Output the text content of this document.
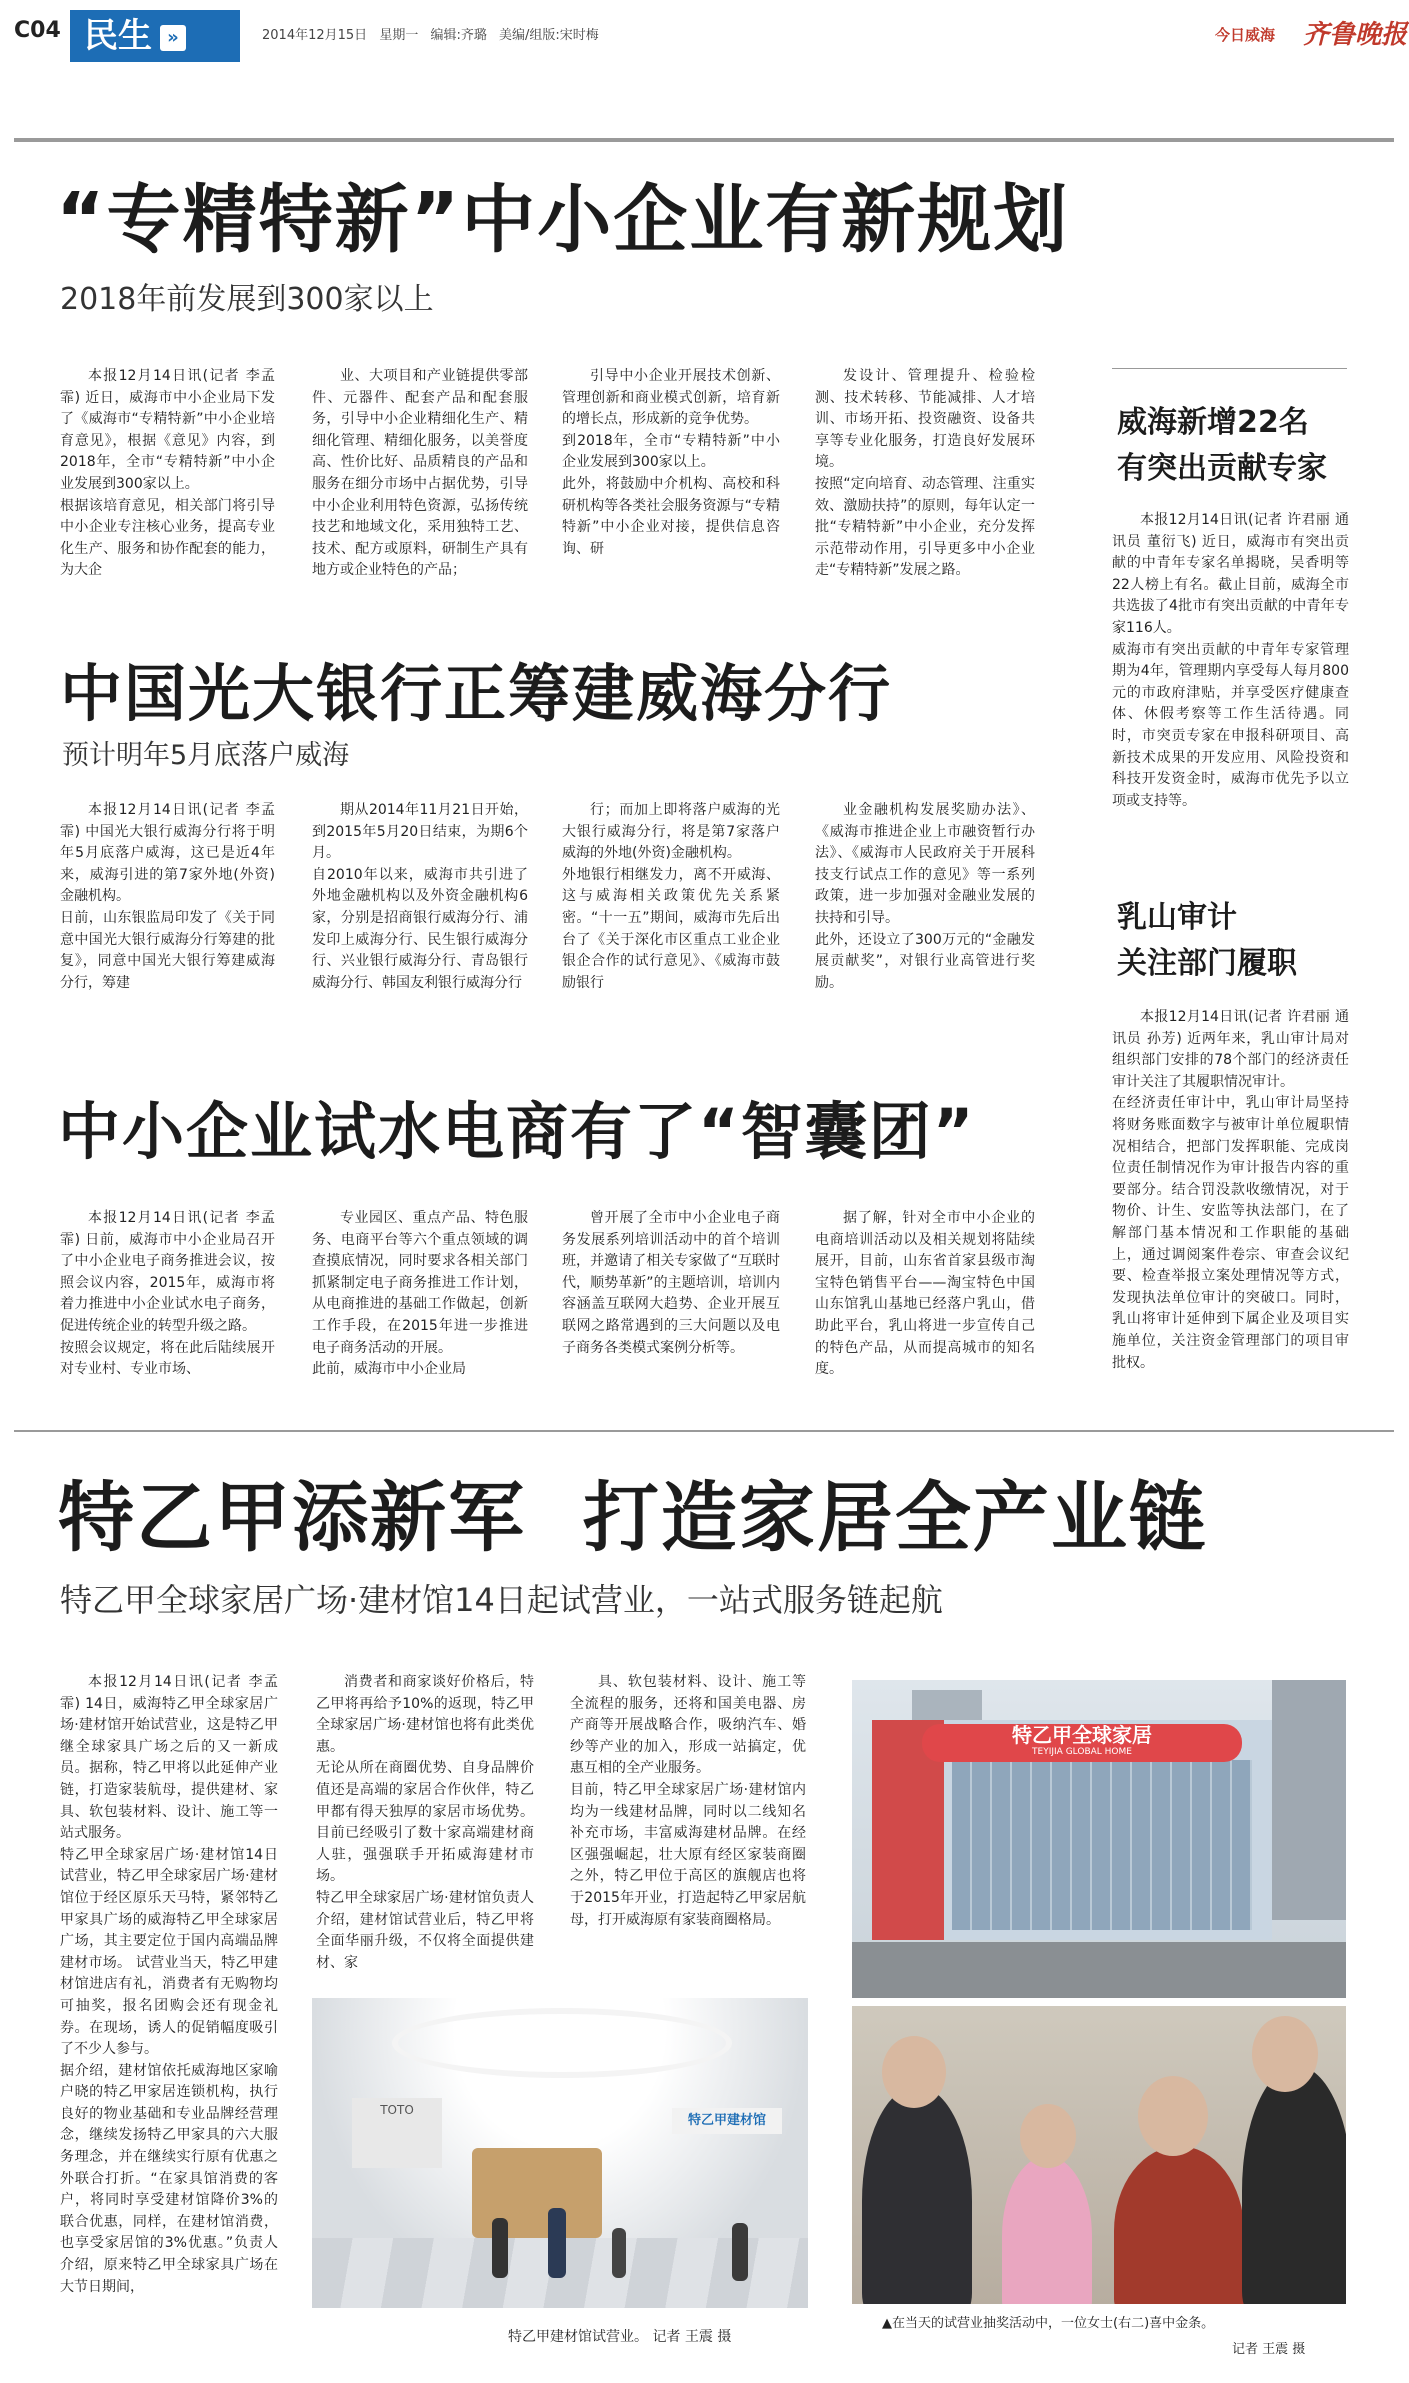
C04 民生 »	2014年12月15日 星期一 编辑:齐璐 美编/组版:宋时梅	今日威海 齐鲁晚报
“专精特新”中小企业有新规划
2018年前发展到300家以上

本报12月14日讯(记者 李孟霏) 近日，威海市中小企业局下发了《威海市“专精特新”中小企业培育意见》，根据《意见》内容，到2018年，全市“专精特新”中小企业发展到300家以上。
根据该培育意见，相关部门将引导中小企业专注核心业务，提高专业化生产、服务和协作配套的能力，为大企

业、大项目和产业链提供零部件、元器件、配套产品和配套服务，引导中小企业精细化生产、精细化管理、精细化服务，以美誉度高、性价比好、品质精良的产品和服务在细分市场中占据优势，引导中小企业利用特色资源，弘扬传统技艺和地域文化，采用独特工艺、技术、配方或原料，研制生产具有地方或企业特色的产品；

引导中小企业开展技术创新、管理创新和商业模式创新，培育新的增长点，形成新的竞争优势。
到2018年，全市“专精特新”中小企业发展到300家以上。
此外，将鼓励中介机构、高校和科研机构等各类社会服务资源与“专精特新”中小企业对接，提供信息咨询、研

发设计、管理提升、检验检测、技术转移、节能减排、人才培训、市场开拓、投资融资、设备共享等专业化服务，打造良好发展环境。
按照“定向培育、动态管理、注重实效、激励扶持”的原则，每年认定一批“专精特新”中小企业，充分发挥示范带动作用，引导更多中小企业走“专精特新”发展之路。

中国光大银行正筹建威海分行
预计明年5月底落户威海

本报12月14日讯(记者 李孟霏) 中国光大银行威海分行将于明年5月底落户威海，这已是近4年来，威海引进的第7家外地(外资)金融机构。
日前，山东银监局印发了《关于同意中国光大银行威海分行筹建的批复》，同意中国光大银行筹建威海分行，筹建

期从2014年11月21日开始，到2015年5月20日结束，为期6个月。
自2010年以来，威海市共引进了外地金融机构以及外资金融机构6家，分别是招商银行威海分行、浦发印上威海分行、民生银行威海分行、兴业银行威海分行、青岛银行威海分行、韩国友利银行威海分行

行；而加上即将落户威海的光大银行威海分行，将是第7家落户威海的外地(外资)金融机构。
外地银行相继发力，离不开威海、这与威海相关政策优先关系紧密。“十一五”期间，威海市先后出台了《关于深化市区重点工业企业银企合作的试行意见》、《威海市鼓励银行

业金融机构发展奖励办法》、《威海市推进企业上市融资暂行办法》、《威海市人民政府关于开展科技支行试点工作的意见》等一系列政策，进一步加强对金融业发展的扶持和引导。
此外，还设立了300万元的“金融发展贡献奖”，对银行业高管进行奖励。

中小企业试水电商有了“智囊团”

本报12月14日讯(记者 李孟霏) 日前，威海市中小企业局召开了中小企业电子商务推进会议，按照会议内容，2015年，威海市将着力推进中小企业试水电子商务，促进传统企业的转型升级之路。
按照会议规定，将在此后陆续展开对专业村、专业市场、

专业园区、重点产品、特色服务、电商平台等六个重点领域的调查摸底情况，同时要求各相关部门抓紧制定电子商务推进工作计划，从电商推进的基础工作做起，创新工作手段，在2015年进一步推进电子商务活动的开展。
此前，威海市中小企业局

曾开展了全市中小企业电子商务发展系列培训活动中的首个培训班，并邀请了相关专家做了“互联时代，顺势革新”的主题培训，培训内容涵盖互联网大趋势、企业开展互联网之路常遇到的三大问题以及电子商务各类模式案例分析等。

据了解，针对全市中小企业的电商培训活动以及相关规划将陆续展开，目前，山东省首家县级市淘宝特色销售平台——淘宝特色中国山东馆乳山基地已经落户乳山，借助此平台，乳山将进一步宣传自己的特色产品，从而提高城市的知名度。

威海新增22名
有突出贡献专家

本报12月14日讯(记者 许君丽 通讯员 董衍飞) 近日，威海市有突出贡献的中青年专家名单揭晓，吴香明等22人榜上有名。截止目前，威海全市共选拔了4批市有突出贡献的中青年专家116人。
威海市有突出贡献的中青年专家管理期为4年，管理期内享受每人每月800元的市政府津贴，并享受医疗健康查体、休假考察等工作生活待遇。同时，市突贡专家在申报科研项目、高新技术成果的开发应用、风险投资和科技开发资金时，威海市优先予以立项或支持等。

乳山审计
关注部门履职

本报12月14日讯(记者 许君丽 通讯员 孙芳) 近两年来，乳山审计局对组织部门安排的78个部门的经济责任审计关注了其履职情况审计。
在经济责任审计中，乳山审计局坚持将财务账面数字与被审计单位履职情况相结合，把部门发挥职能、完成岗位责任制情况作为审计报告内容的重要部分。结合罚没款收缴情况，对于物价、计生、安监等执法部门，在了解部门基本情况和工作职能的基础上，通过调阅案件卷宗、审查会议纪要、检查举报立案处理情况等方式，发现执法单位审计的突破口。同时，乳山将审计延伸到下属企业及项目实施单位，关注资金管理部门的项目审批权。

特乙甲添新军  打造家居全产业链
特乙甲全球家居广场·建材馆14日起试营业，一站式服务链起航

本报12月14日讯(记者 李孟霏) 14日，威海特乙甲全球家居广场·建材馆开始试营业，这是特乙甲继全球家具广场之后的又一新成员。据称，特乙甲将以此延伸产业链，打造家装航母，提供建材、家具、软包装材料、设计、施工等一站式服务。
特乙甲全球家居广场·建材馆14日试营业，特乙甲全球家居广场·建材馆位于经区原乐天马特，紧邻特乙甲家具广场的威海特乙甲全球家居广场，其主要定位于国内高端品牌建材市场。 试营业当天，特乙甲建材馆进店有礼，消费者有无购物均可抽奖，报名团购会还有现金礼券。在现场，诱人的促销幅度吸引了不少人参与。
据介绍，建材馆依托威海地区家喻户晓的特乙甲家居连锁机构，执行良好的物业基础和专业品牌经营理念，继续发扬特乙甲家具的六大服务理念，并在继续实行原有优惠之外联合打折。“在家具馆消费的客户，将同时享受建材馆降价3%的联合优惠，同样，在建材馆消费，也享受家居馆的3%优惠。”负责人介绍，原来特乙甲全球家具广场在大节日期间，

消费者和商家谈好价格后，特乙甲将再给予10%的返现，特乙甲全球家居广场·建材馆也将有此类优惠。
无论从所在商圈优势、自身品牌价值还是高端的家居合作伙伴，特乙甲都有得天独厚的家居市场优势。目前已经吸引了数十家高端建材商人驻，强强联手开拓威海建材市场。
特乙甲全球家居广场·建材馆负责人介绍，建材馆试营业后，特乙甲将全面华丽升级，不仅将全面提供建材、家

具、软包装材料、设计、施工等全流程的服务，还将和国美电器、房产商等开展战略合作，吸纳汽车、婚纱等产业的加入，形成一站搞定，优惠互相的全产业服务。
目前，特乙甲全球家居广场·建材馆内均为一线建材品牌，同时以二线知名补充市场，丰富威海建材品牌。在经区强强崛起，壮大原有经区家装商圈之外，特乙甲位于高区的旗舰店也将于2015年开业，打造起特乙甲家居航母，打开威海原有家装商圈格局。

特乙甲全球家居
TEYIJIA GLOBAL HOME
TOTO
特乙甲建材馆
特乙甲建材馆试营业。 记者 王震 摄
▲在当天的试营业抽奖活动中，一位女士(右二)喜中金条。
记者 王震 摄
